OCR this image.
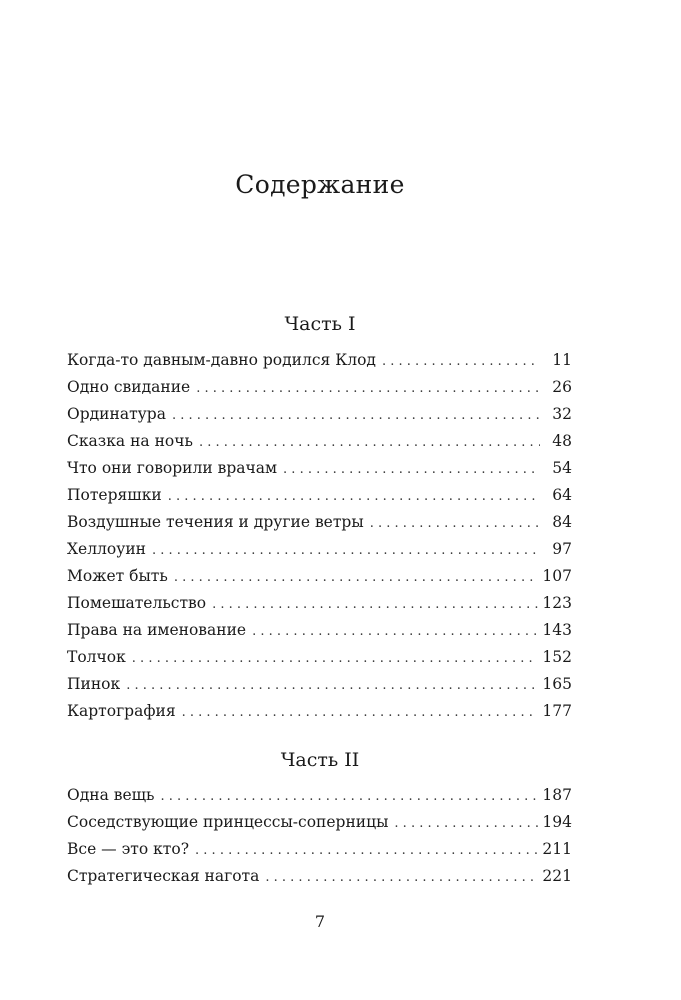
Содержание
Часть I
Когда-то давным-давно родился Клод . . .	11
Одно свидание . . .	26
Ординатура . . .	32
Сказка на ночь . . .	48
Что они говорили врачам . . .	54
Потеряшки . . .	64
Воздушные течения и другие ветры . . .	84
Хеллоуин . . .	97
Может быть . . .	107
Помешательство . . .	123
Права на именование . . .	143
Толчок . . .	152
Пинок . . .	165
Картография . . .	177
Часть II
Одна вещь . . .	187
Соседствующие принцессы-соперницы . . .	194
Все — это кто? . . .	211
Стратегическая нагота . . .	221
7
